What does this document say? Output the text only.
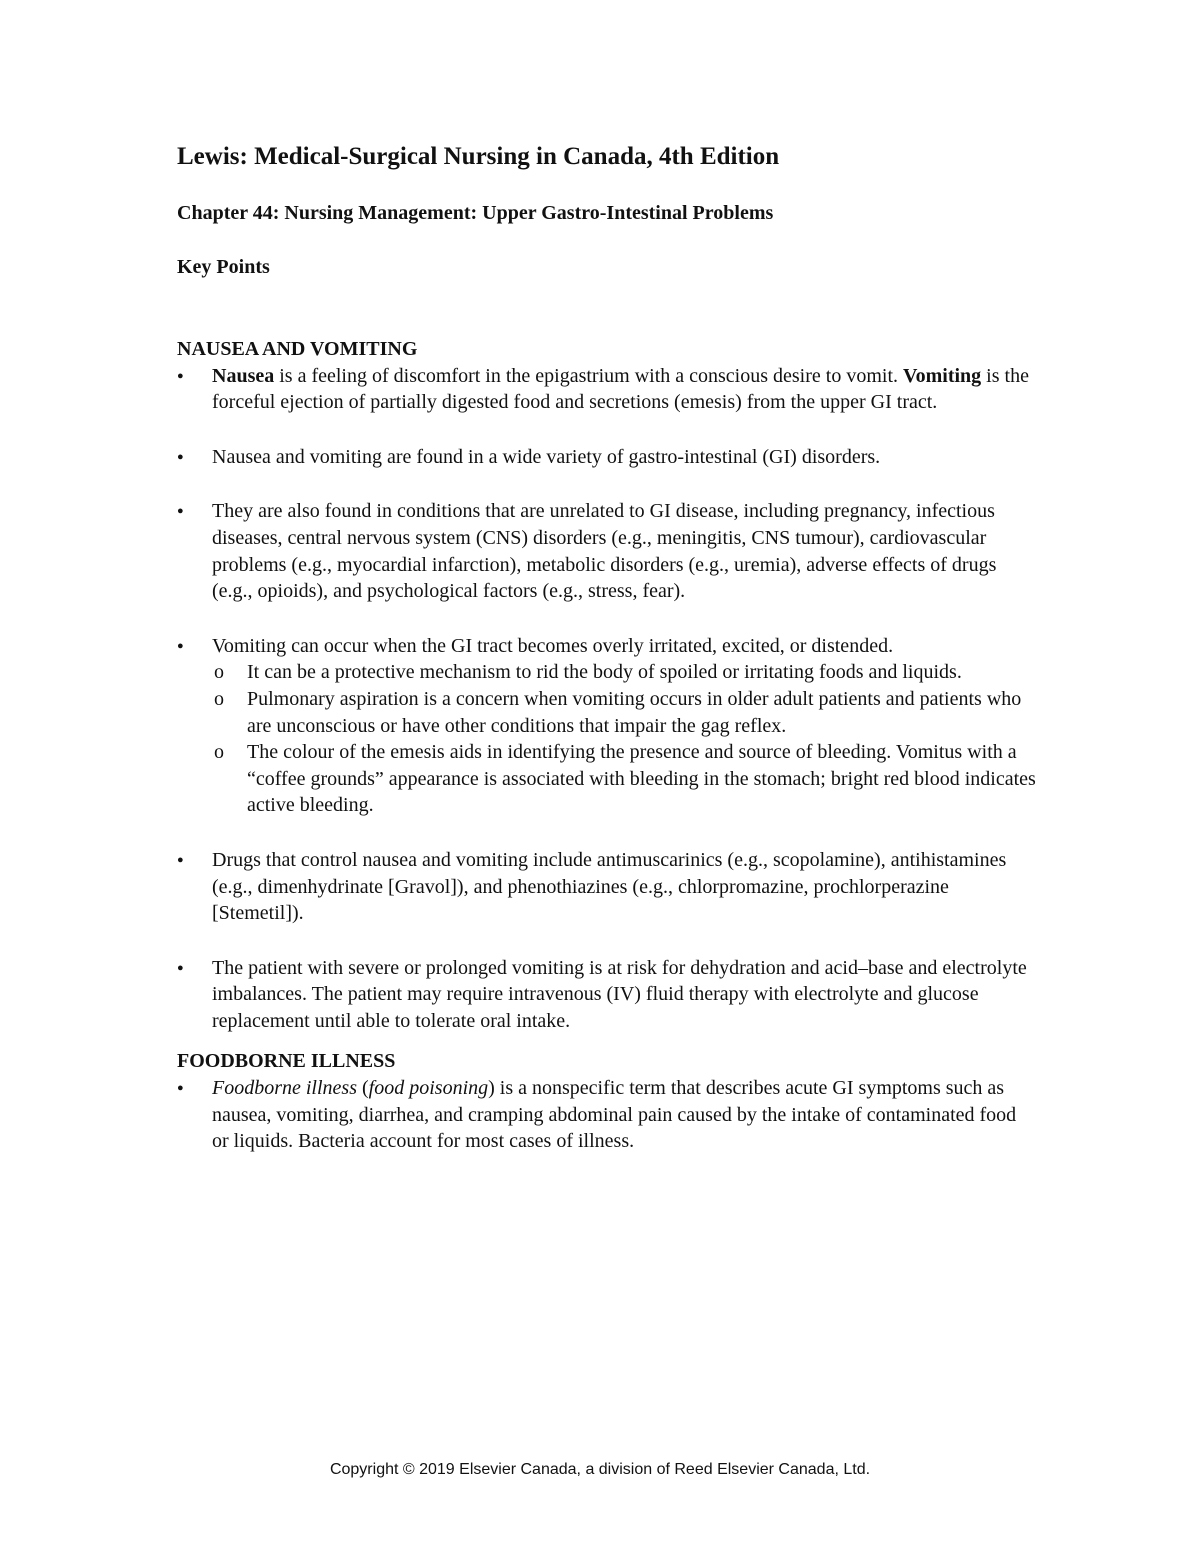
Lewis: Medical-Surgical Nursing in Canada, 4th Edition
Chapter 44: Nursing Management: Upper Gastro-Intestinal Problems
Key Points

NAUSEA AND VOMITING

● Nausea is a feeling of discomfort in the epigastrium with a conscious desire to vomit. Vomiting is the forceful ejection of partially digested food and secretions (emesis) from the upper GI tract.
● Nausea and vomiting are found in a wide variety of gastro-intestinal (GI) disorders.
● They are also found in conditions that are unrelated to GI disease, including pregnancy, infectious diseases, central nervous system (CNS) disorders (e.g., meningitis, CNS tumour), cardiovascular problems (e.g., myocardial infarction), metabolic disorders (e.g., uremia), adverse effects of drugs (e.g., opioids), and psychological factors (e.g., stress, fear).
● Vomiting can occur when the GI tract becomes overly irritated, excited, or distended.
o It can be a protective mechanism to rid the body of spoiled or irritating foods and liquids.
o Pulmonary aspiration is a concern when vomiting occurs in older adult patients and patients who are unconscious or have other conditions that impair the gag reflex.
o The colour of the emesis aids in identifying the presence and source of bleeding. Vomitus with a “coffee grounds” appearance is associated with bleeding in the stomach; bright red blood indicates active bleeding.
● Drugs that control nausea and vomiting include antimuscarinics (e.g., scopolamine), antihistamines (e.g., dimenhydrinate [Gravol]), and phenothiazines (e.g., chlorpromazine, prochlorperazine [Stemetil]).
● The patient with severe or prolonged vomiting is at risk for dehydration and acid–base and electrolyte imbalances. The patient may require intravenous (IV) fluid therapy with electrolyte and glucose replacement until able to tolerate oral intake.

FOODBORNE ILLNESS

● Foodborne illness (food poisoning) is a nonspecific term that describes acute GI symptoms such as nausea, vomiting, diarrhea, and cramping abdominal pain caused by the intake of contaminated food or liquids. Bacteria account for most cases of illness.
Copyright © 2019 Elsevier Canada, a division of Reed Elsevier Canada, Ltd.
